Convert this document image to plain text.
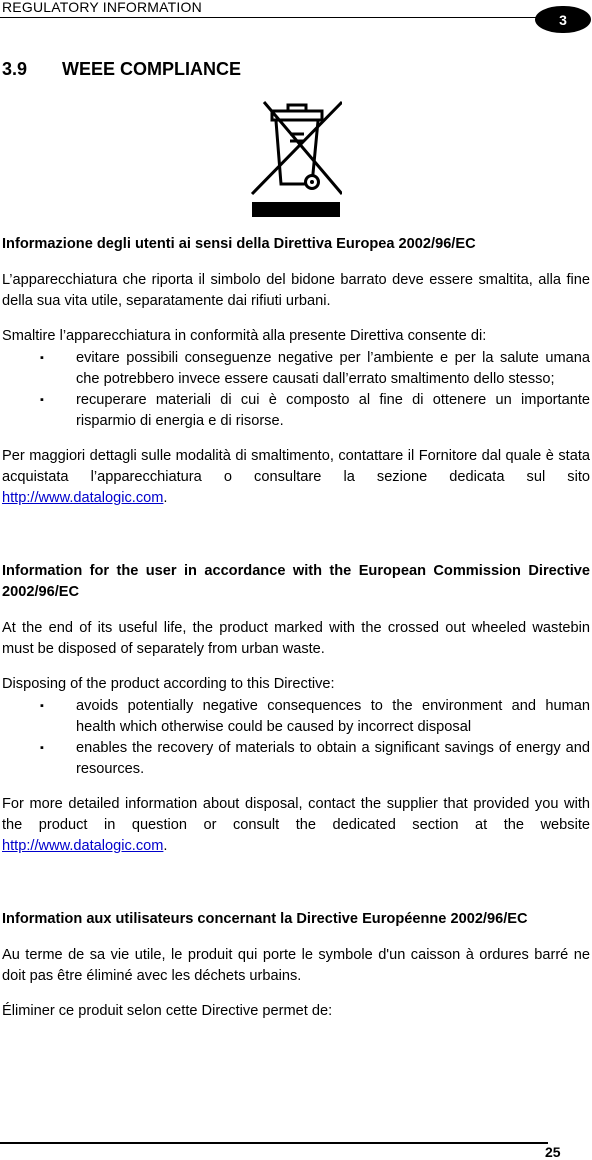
REGULATORY INFORMATION
3
3.9 WEEE COMPLIANCE
Informazione degli utenti ai sensi della Direttiva Europea 2002/96/EC

L’apparecchiatura che riporta il simbolo del bidone barrato deve essere smaltita, alla fine della sua vita utile, separatamente dai rifiuti urbani.

Smaltire l’apparecchiatura in conformità alla presente Direttiva consente di:

▪ evitare possibili conseguenze negative per l’ambiente e per la salute umana che potrebbero invece essere causati dall’errato smaltimento dello stesso;
▪ recuperare materiali di cui è composto al fine di ottenere un importante risparmio di energia e di risorse.

Per maggiori dettagli sulle modalità di smaltimento, contattare il Fornitore dal quale è stata acquistata l’apparecchiatura o consultare la sezione dedicata sul sito http://www.datalogic.com.

Information for the user in accordance with the European Commission Directive 2002/96/EC

At the end of its useful life, the product marked with the crossed out wheeled wastebin must be disposed of separately from urban waste.

Disposing of the product according to this Directive:

▪ avoids potentially negative consequences to the environment and human health which otherwise could be caused by incorrect disposal
▪ enables the recovery of materials to obtain a significant savings of energy and resources.

For more detailed information about disposal, contact the supplier that provided you with the product in question or consult the dedicated section at the website http://www.datalogic.com.

Information aux utilisateurs concernant la Directive Européenne 2002/96/EC

Au terme de sa vie utile, le produit qui porte le symbole d'un caisson à ordures barré ne doit pas être éliminé avec les déchets urbains.

Éliminer ce produit selon cette Directive permet de:

25
